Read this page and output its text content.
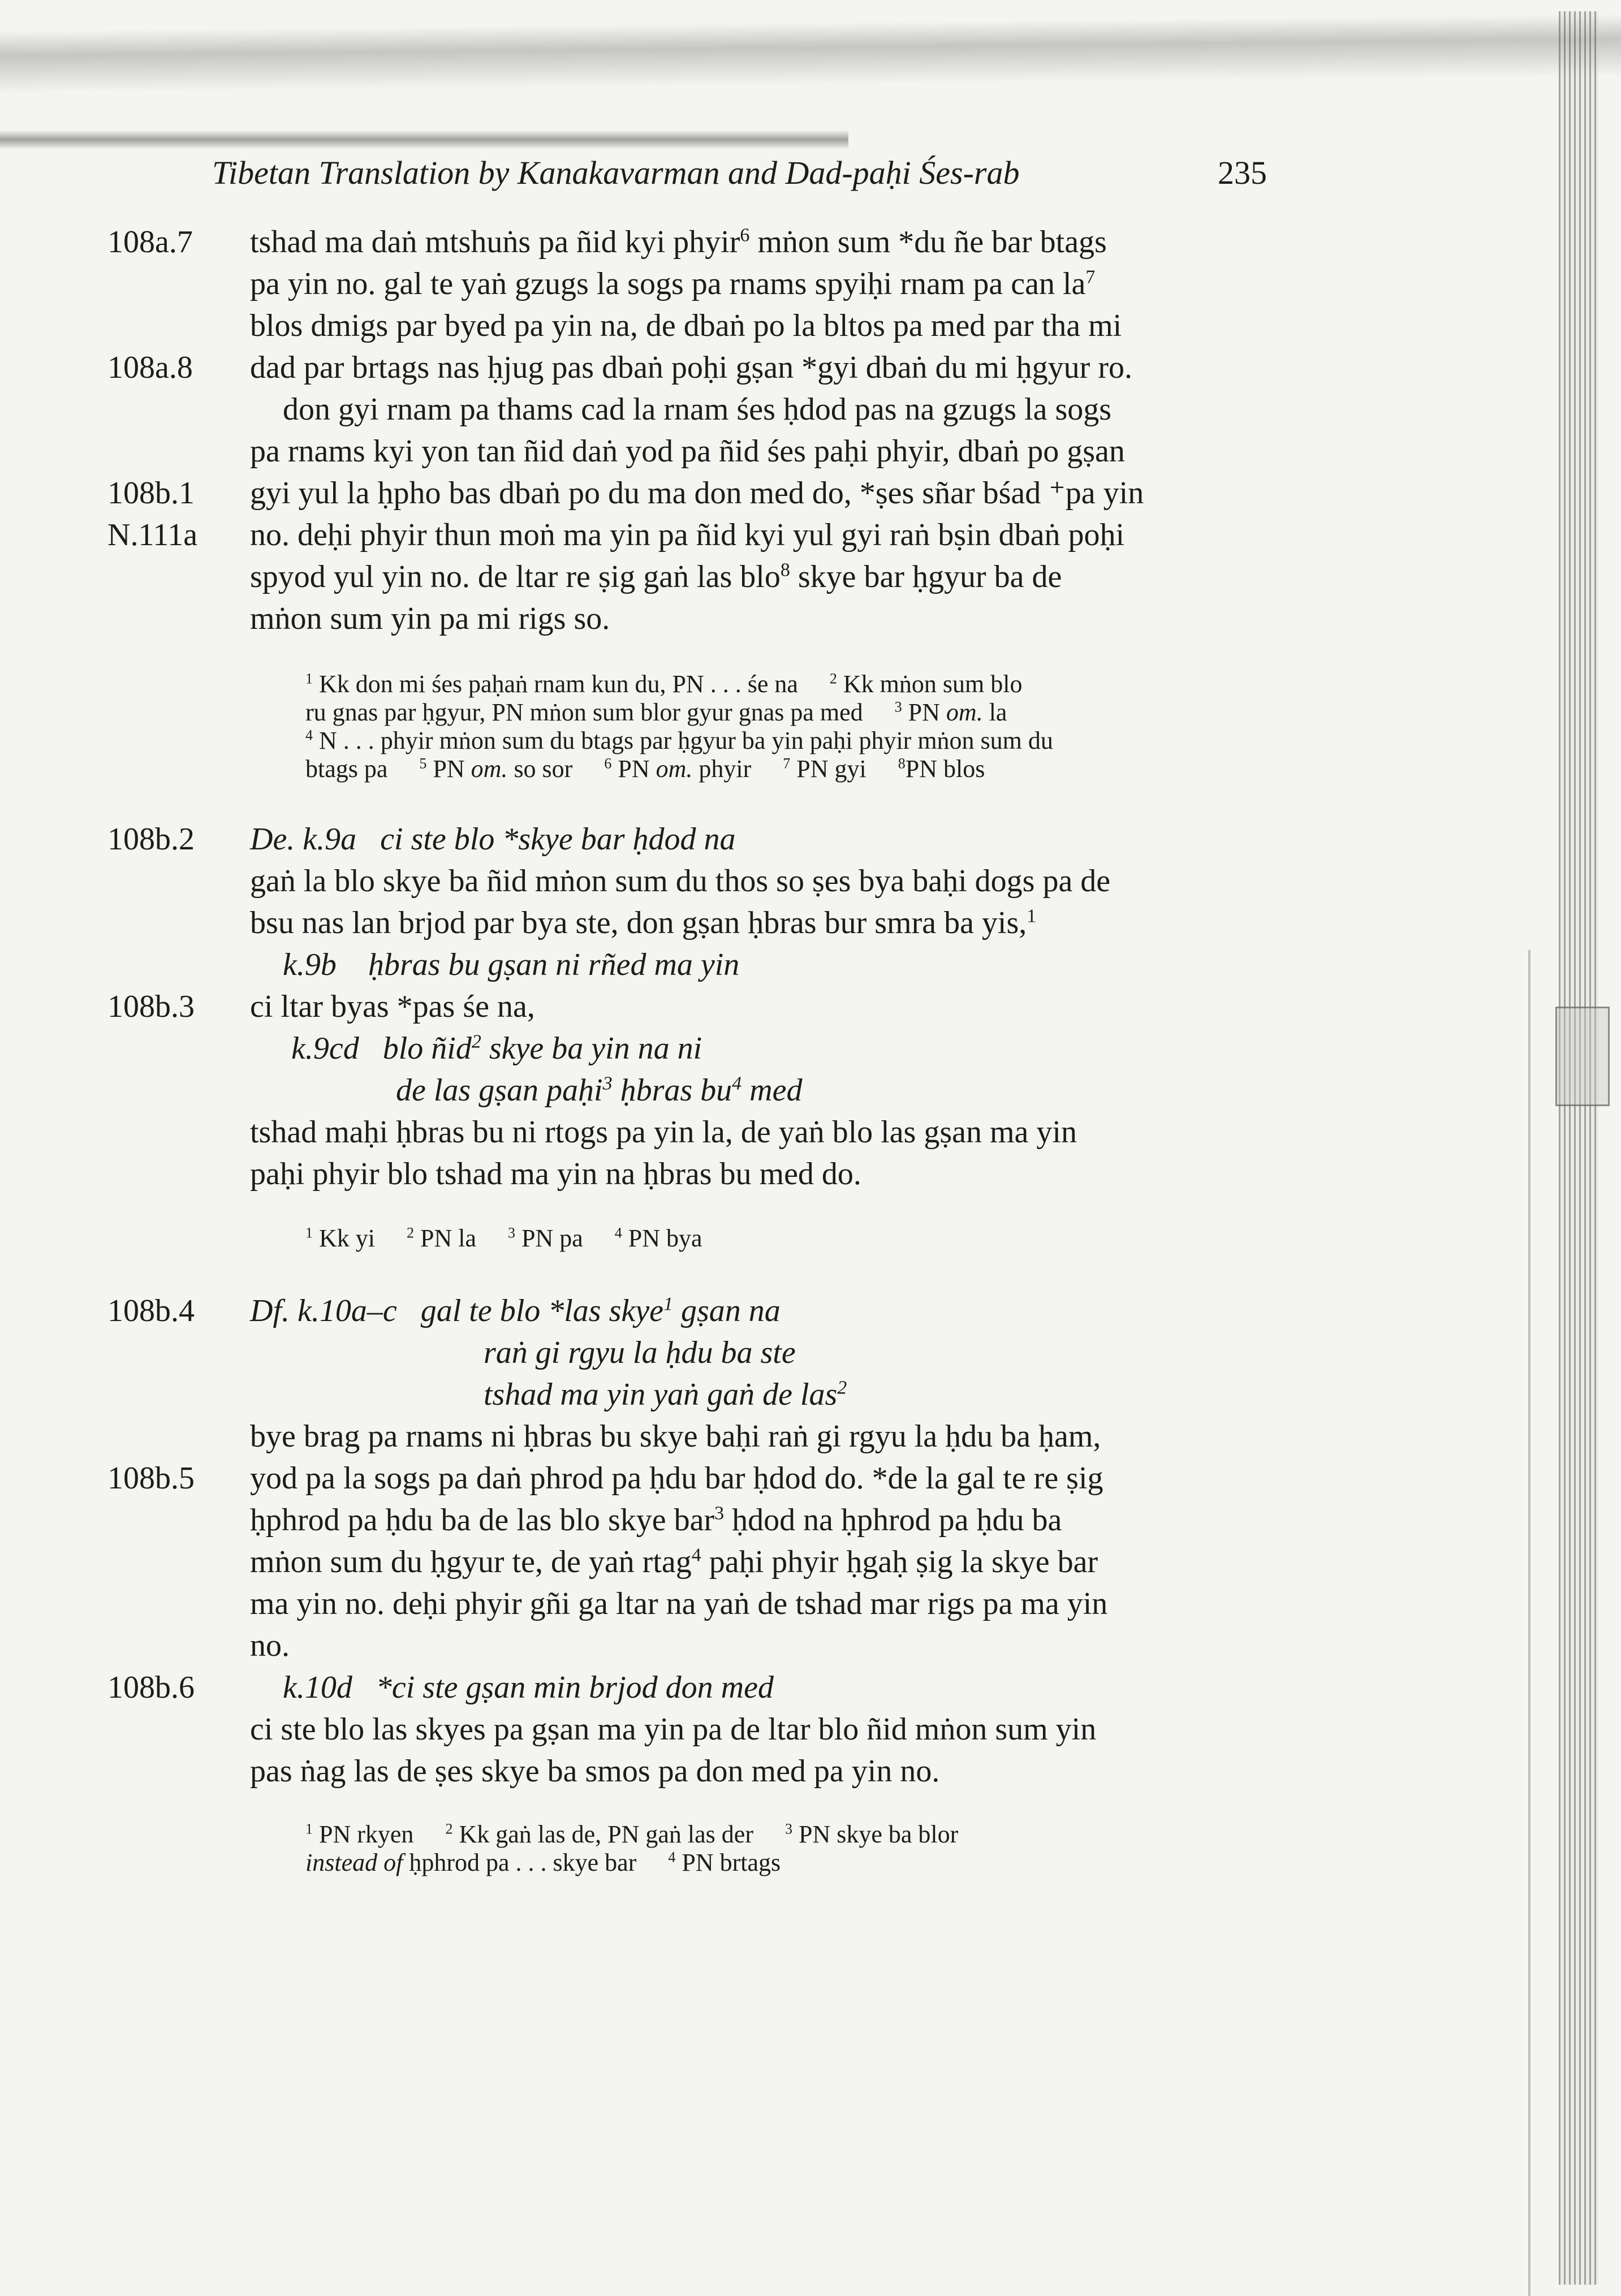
Tibetan Translation by Kanakavarman and Dad-paḥi Śes-rab	235
108a.7 tshad ma daṅ mtshuṅs pa ñid kyi phyir$^6$ mṅon sum *du ñe bar btags
pa yin no. gal te yaṅ gzugs la sogs pa rnams spyiḥi rnam pa can $la^7$
blos dmigs par byed pa yin na, de dbaṅ po la bltos pa med par tha mi
108a.8 dad par brtags nas ḥjug pas dbaṅ poḥi gṣan *gyi dbaṅ du mi ḥgyur ro.
don gyi rnam pa thams cad la rnam śes ḥdod pas na gzugs la sogs
pa rnams kyi yon tan ñid daṅ yod pa ñid śes paḥi phyir, dbaṅ po gṣan
108b.1 gyi yul la ḥpho bas dbaṅ po du ma don med do, *ṣes sñar bśad ⁺pa yin
N.111a no. deḥi phyir thun moṅ ma yin pa ñid kyi yul gyi raṅ bṣin dbaṅ poḥi
spyod yul yin no. de ltar re ṣig gaṅ las blo$^8$ skye bar ḥgyur ba de
mṅon sum yin pa mi rigs so.
$^1$ Kk don mi śes paḥaṅ rnam kun du, PN . . . śe na $^2$ Kk mṅon sum blo
ru gnas par ḥgyur, PN mṅon sum blor gyur gnas pa med $^3$ PN om. la
$^4$ N . . . phyir mṅon sum du btags par ḥgyur ba yin paḥi phyir mṅon sum du
btags pa $^5$ PN om. so sor $^6$ PN om. phyir $^7$ PN gyi $^8$PN blos
108b.2 De. k.9a ci ste blo *skye bar ḥdod na
gaṅ la blo skye ba ñid mṅon sum du thos so ṣes bya baḥi dogs pa de
bsu nas lan brjod par bya ste, don gṣan ḥbras bur smra ba yis,$^1$
k.9b ḥbras bu gṣan ni rñed ma yin
108b.3 ci ltar byas *pas śe na,
k.9cd blo ñid$^2$ skye ba yin na ni
de las gṣan paḥi$^3$ ḥbras $bu^4$ med
tshad maḥi ḥbras bu ni rtogs pa yin la, de yaṅ blo las gṣan ma yin
paḥi phyir blo tshad ma yin na ḥbras bu med do.
$^1$ Kk yi $^2$ PN la $^3$ PN pa $^4$ PN bya
108b.4 Df. k.10a–c gal te blo *las skye$^1$ gṣan na
raṅ gi rgyu la ḥdu ba ste
tshad ma yin yaṅ gaṅ de las$^2$
bye brag pa rnams ni ḥbras bu skye baḥi raṅ gi rgyu la ḥdu ba ḥam,
108b.5 yod pa la sogs pa daṅ phrod pa ḥdu bar ḥdod do. *de la gal te re ṣig
ḥphrod pa ḥdu ba de las blo skye bar$^3$ ḥdod na ḥphrod pa ḥdu ba
mṅon sum du ḥgyur te, de yaṅ rtag$^4$ paḥi phyir ḥgaḥ ṣig la skye bar
ma yin no. deḥi phyir gñi ga ltar na yaṅ de tshad mar rigs pa ma yin
no.
108b.6	k.10d *ci ste gṣan min brjod don med
ci ste blo las skyes pa gṣan ma yin pa de ltar blo ñid mṅon sum yin
pas ṅag las de ṣes skye ba smos pa don med pa yin no.
$^1$ PN rkyen $^2$ Kk gaṅ las de, PN gaṅ las der $^3$ PN skye ba blor
instead of ḥphrod pa . . . skye bar $^4$ PN brtags
